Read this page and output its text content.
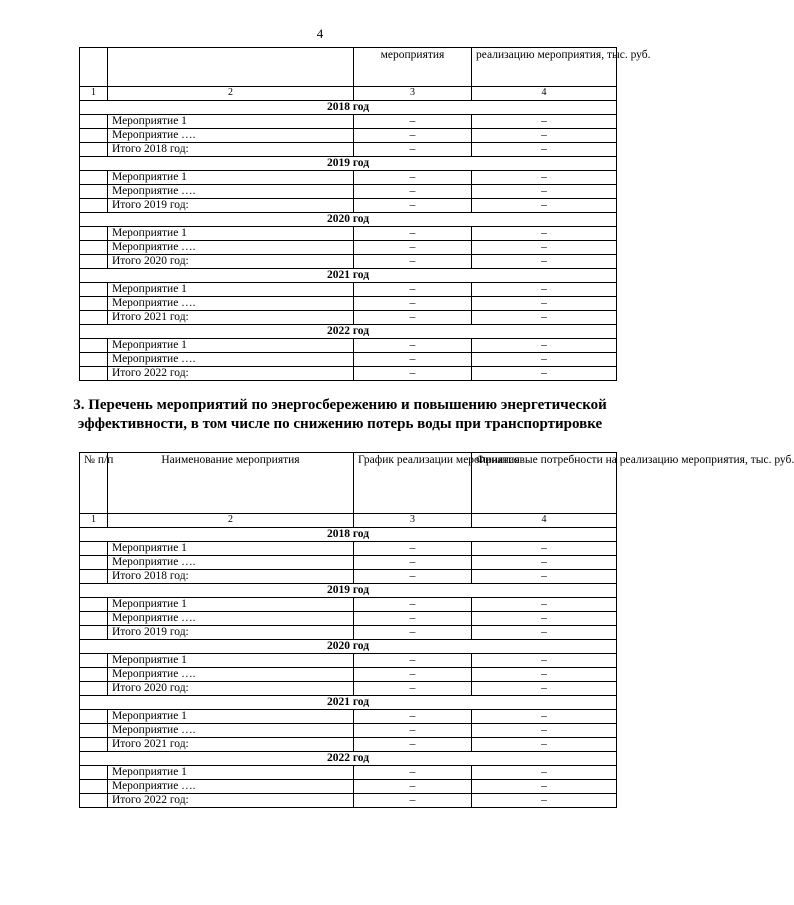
4
		мероприятия	реализацию мероприятия, тыс. руб.
1	2	3	4
2018 год			
	Мероприятие 1	–	–
	Мероприятие ….	–	–
	Итого 2018 год:	–	–
2019 год			
	Мероприятие 1	–	–
	Мероприятие ….	–	–
	Итого 2019 год:	–	–
2020 год			
	Мероприятие 1	–	–
	Мероприятие ….	–	–
	Итого 2020 год:	–	–
2021 год			
	Мероприятие 1	–	–
	Мероприятие ….	–	–
	Итого 2021 год:	–	–
2022 год			
	Мероприятие 1	–	–
	Мероприятие ….	–	–
	Итого 2022 год:	–	–
3. Перечень мероприятий по энергосбережению и повышению энергетической эффективности, в том числе по снижению потерь воды при транспортировке
№ п/п	Наименование мероприятия	График реализации мероприятия	Финансовые потребности на реализацию мероприятия, тыс. руб.
1	2	3	4
2018 год			
	Мероприятие 1	–	–
	Мероприятие ….	–	–
	Итого 2018 год:	–	–
2019 год			
	Мероприятие 1	–	–
	Мероприятие ….	–	–
	Итого 2019 год:	–	–
2020 год			
	Мероприятие 1	–	–
	Мероприятие ….	–	–
	Итого 2020 год:	–	–
2021 год			
	Мероприятие 1	–	–
	Мероприятие ….	–	–
	Итого 2021 год:	–	–
2022 год			
	Мероприятие 1	–	–
	Мероприятие ….	–	–
	Итого 2022 год:	–	–
